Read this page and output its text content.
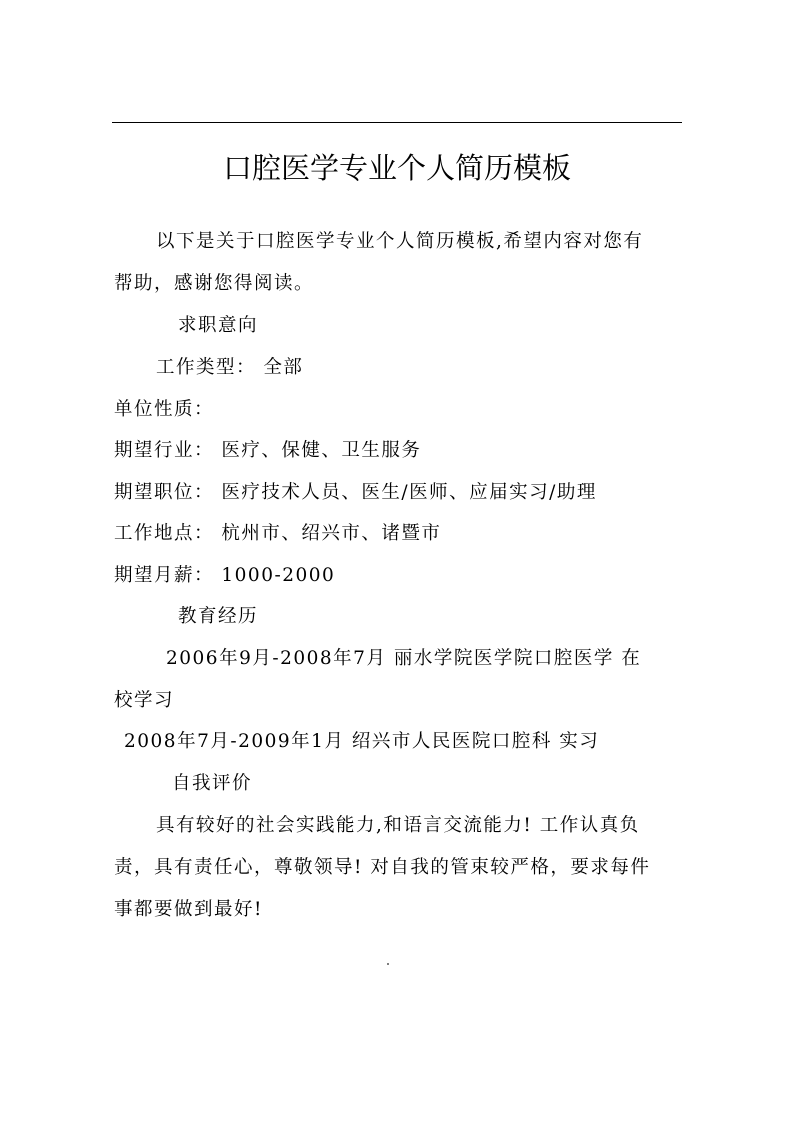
口腔医学专业个人简历模板
以下是关于口腔医学专业个人简历模板,希望内容对您有
帮助，感谢您得阅读。
求职意向
工作类型： 全部
单位性质：
期望行业： 医疗、保健、卫生服务
期望职位： 医疗技术人员、医生/医师、应届实习/助理
工作地点： 杭州市、绍兴市、诸暨市
期望月薪： 1000-2000
教育经历
2006年9月-2008年7月 丽水学院医学院口腔医学 在
校学习
2008年7月-2009年1月 绍兴市人民医院口腔科 实习
自我评价
具有较好的社会实践能力,和语言交流能力! 工作认真负
责，具有责任心，尊敬领导! 对自我的管束较严格，要求每件
事都要做到最好!
